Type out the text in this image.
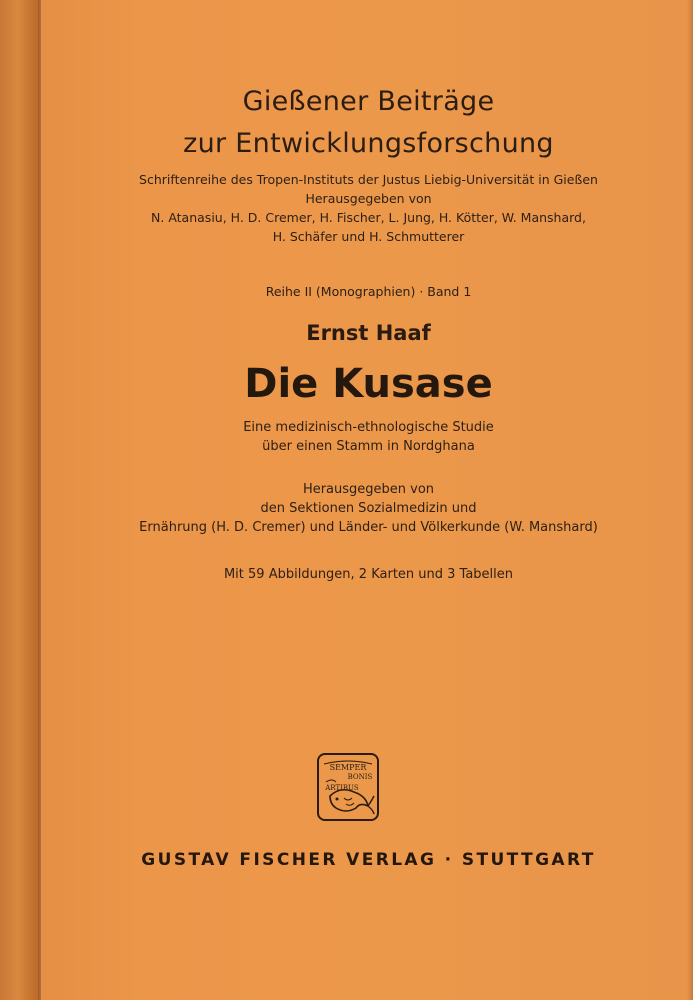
Gießener Beiträge
zur Entwicklungsforschung
Schriftenreihe des Tropen-Instituts der Justus Liebig-Universität in Gießen
Herausgegeben von
N. Atanasiu, H. D. Cremer, H. Fischer, L. Jung, H. Kötter, W. Manshard,
H. Schäfer und H. Schmutterer
Reihe II (Monographien) · Band 1
Ernst Haaf
Die Kusase
Eine medizinisch-ethnologische Studie
über einen Stamm in Nordghana
Herausgegeben von
den Sektionen Sozialmedizin und
Ernährung (H. D. Cremer) und Länder- und Völkerkunde (W. Manshard)
Mit 59 Abbildungen, 2 Karten und 3 Tabellen
SEMPER
BONIS
ARTIBUS
GUSTAV FISCHER VERLAG · STUTTGART
